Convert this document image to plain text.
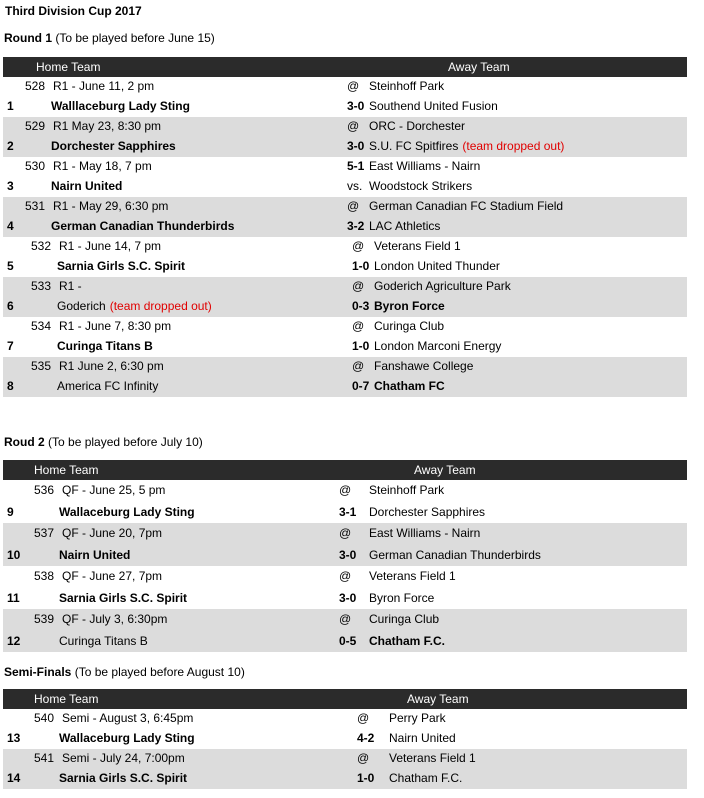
Third Division Cup 2017
Round 1 (To be played before June 15)
Home Team	Away Team
528 R1 - June 11, 2 pm	@ Steinhoff Park
1	Walllaceburg Lady Sting	3-0 Southend United Fusion
529 R1 May 23, 8:30 pm	@ ORC - Dorchester
2	Dorchester Sapphires	3-0 S.U. FC Spitfires (team dropped out)
530 R1 - May 18, 7 pm	5-1 East Williams - Nairn
3	Nairn United	vs. Woodstock Strikers
531 R1 - May 29, 6:30 pm	@ German Canadian FC Stadium Field
4	German Canadian Thunderbirds	3-2 LAC Athletics
532 R1 - June 14, 7 pm	@ Veterans Field 1
5	Sarnia Girls S.C. Spirit	1-0 London United Thunder
533 R1 -	@ Goderich Agriculture Park
6	Goderich (team dropped out)	0-3 Byron Force
534 R1 - June 7, 8:30 pm	@ Curinga Club
7	Curinga Titans B	1-0 London Marconi Energy
535 R1 June 2, 6:30 pm	@ Fanshawe College
8	America FC Infinity	0-7 Chatham FC
Roud 2 (To be played before July 10)
Home Team	Away Team
536 QF - June 25, 5 pm	@ Steinhoff Park
9	Wallaceburg Lady Sting	3-1 Dorchester Sapphires
537 QF - June 20, 7pm	@ East Williams - Nairn
10	Nairn United	3-0 German Canadian Thunderbirds
538 QF - June 27, 7pm	@ Veterans Field 1
11	Sarnia Girls S.C. Spirit	3-0 Byron Force
539 QF - July 3, 6:30pm	@ Curinga Club
12	Curinga Titans B	0-5 Chatham F.C.
Semi-Finals (To be played before August 10)
Home Team	Away Team
540 Semi - August 3, 6:45pm	@ Perry Park
13	Wallaceburg Lady Sting	4-2 Nairn United
541 Semi - July 24, 7:00pm	@ Veterans Field 1
14	Sarnia Girls S.C. Spirit	1-0 Chatham F.C.
